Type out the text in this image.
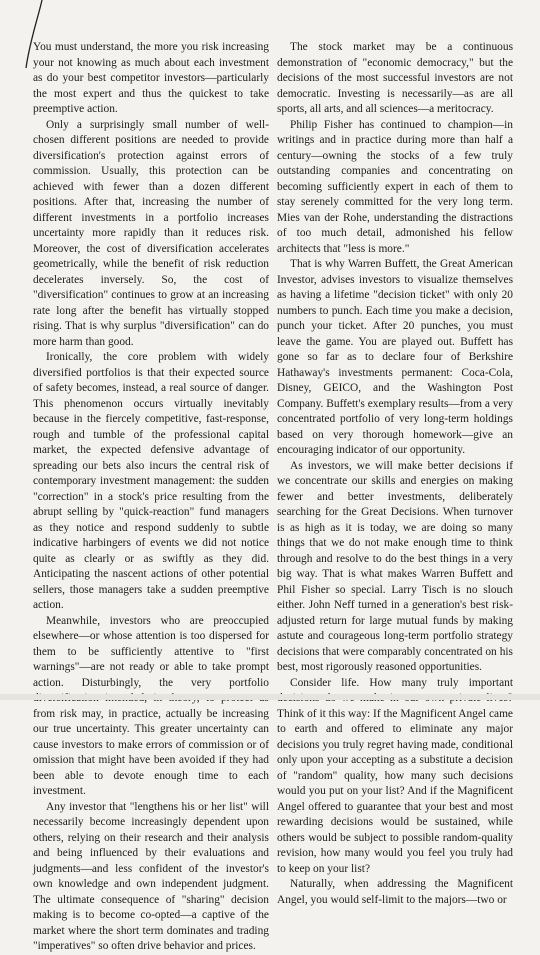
You must understand, the more you risk increasing your not knowing as much about each investment as do your best competitor investors—particularly the most expert and thus the quickest to take preemptive action.

Only a surprisingly small number of well-chosen different positions are needed to provide diversification's protection against errors of commission. Usually, this protection can be achieved with fewer than a dozen different positions. After that, increasing the number of different investments in a portfolio increases uncertainty more rapidly than it reduces risk. Moreover, the cost of diversification accelerates geometrically, while the benefit of risk reduction decelerates inversely. So, the cost of "diversification" continues to grow at an increasing rate long after the benefit has virtually stopped rising. That is why surplus "diversification" can do more harm than good.

Ironically, the core problem with widely diversified portfolios is that their expected source of safety becomes, instead, a real source of danger. This phenomenon occurs virtually inevitably because in the fiercely competitive, fast-response, rough and tumble of the professional capital market, the expected defensive advantage of spreading our bets also incurs the central risk of contemporary investment management: the sudden "correction" in a stock's price resulting from the abrupt selling by "quick-reaction" fund managers as they notice and respond suddenly to subtle indicative harbingers of events we did not notice quite as clearly or as swiftly as they did. Anticipating the nascent actions of other potential sellers, those managers take a sudden preemptive action.

Meanwhile, investors who are preoccupied elsewhere—or whose attention is too dispersed for them to be sufficiently attentive to "first warnings"—are not ready or able to take prompt action. Disturbingly, the very portfolio from risk may, in practice, actually be increasing our true uncertainty. This greater uncertainty can cause investors to make errors of commission or of omission that might have been avoided if they had been able to devote enough time to each investment.

Any investor that "lengthens his or her list" will necessarily become increasingly dependent upon others, relying on their research and their analysis and being influenced by their evaluations and judgments—and less confident of the investor's own knowledge and own independent judgment. The ultimate consequence of "sharing" decision making is to become co-opted—a captive of the market where the short term dominates and trading "imperatives" so often drive behavior and prices.

The stock market may be a continuous demonstration of "economic democracy," but the decisions of the most successful investors are not democratic. Investing is necessarily—as are all sports, all arts, and all sciences—a meritocracy.

Philip Fisher has continued to champion—in writings and in practice during more than half a century—owning the stocks of a few truly outstanding companies and concentrating on becoming sufficiently expert in each of them to stay serenely committed for the very long term. Mies van der Rohe, understanding the distractions of too much detail, admonished his fellow architects that "less is more."

That is why Warren Buffett, the Great American Investor, advises investors to visualize themselves as having a lifetime "decision ticket" with only 20 numbers to punch. Each time you make a decision, punch your ticket. After 20 punches, you must leave the game. You are played out. Buffett has gone so far as to declare four of Berkshire Hathaway's investments permanent: Coca-Cola, Disney, GEICO, and the Washington Post Company. Buffett's exemplary results—from a very concentrated portfolio of very long-term holdings based on very thorough homework—give an encouraging indicator of our opportunity.

As investors, we will make better decisions if we concentrate our skills and energies on making fewer and better investments, deliberately searching for the Great Decisions. When turnover is as high as it is today, we are doing so many things that we do not make enough time to think through and resolve to do the best things in a very big way. That is what makes Warren Buffett and Phil Fisher so special. Larry Tisch is no slouch either. John Neff turned in a generation's best risk-adjusted return for large mutual funds by making astute and courageous long-term portfolio strategy decisions that were comparably concentrated on his best, most rigorously reasoned opportunities.

Consider life. How many truly important Think of it this way: If the Magnificent Angel came to earth and offered to eliminate any major decisions you truly regret having made, conditional only upon your accepting as a substitute a decision of "random" quality, how many such decisions would you put on your list? And if the Magnificent Angel offered to guarantee that your best and most rewarding decisions would be sustained, while others would be subject to possible random-quality revision, how many would you feel you truly had to keep on your list?

Naturally, when addressing the Magnificent Angel, you would self-limit to the majors—two or
